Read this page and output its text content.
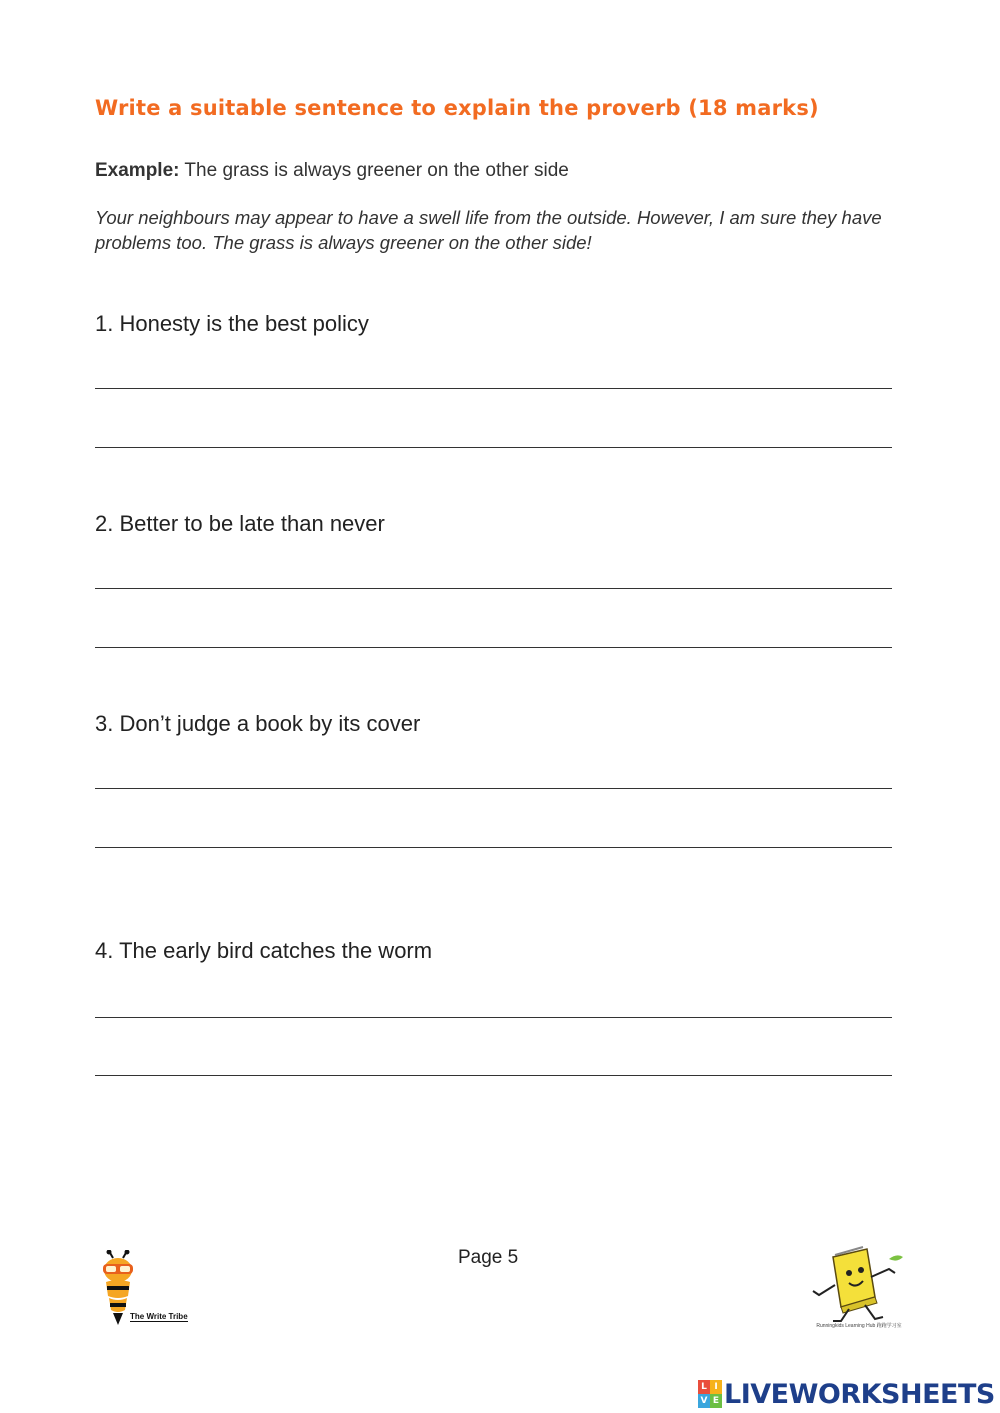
Write a suitable sentence to explain the proverb (18 marks)
Example: The grass is always greener on the other side
Your neighbours may appear to have a swell life from the outside. However, I am sure they have problems too. The grass is always greener on the other side!
1. Honesty is the best policy
2. Better to be late than never
3. Don’t judge a book by its cover
4. The early bird catches the worm
Page 5
The Write Tribe
Runningkids Learning Hub 跑跑学习室
L I
V E LIVEWORKSHEETS
